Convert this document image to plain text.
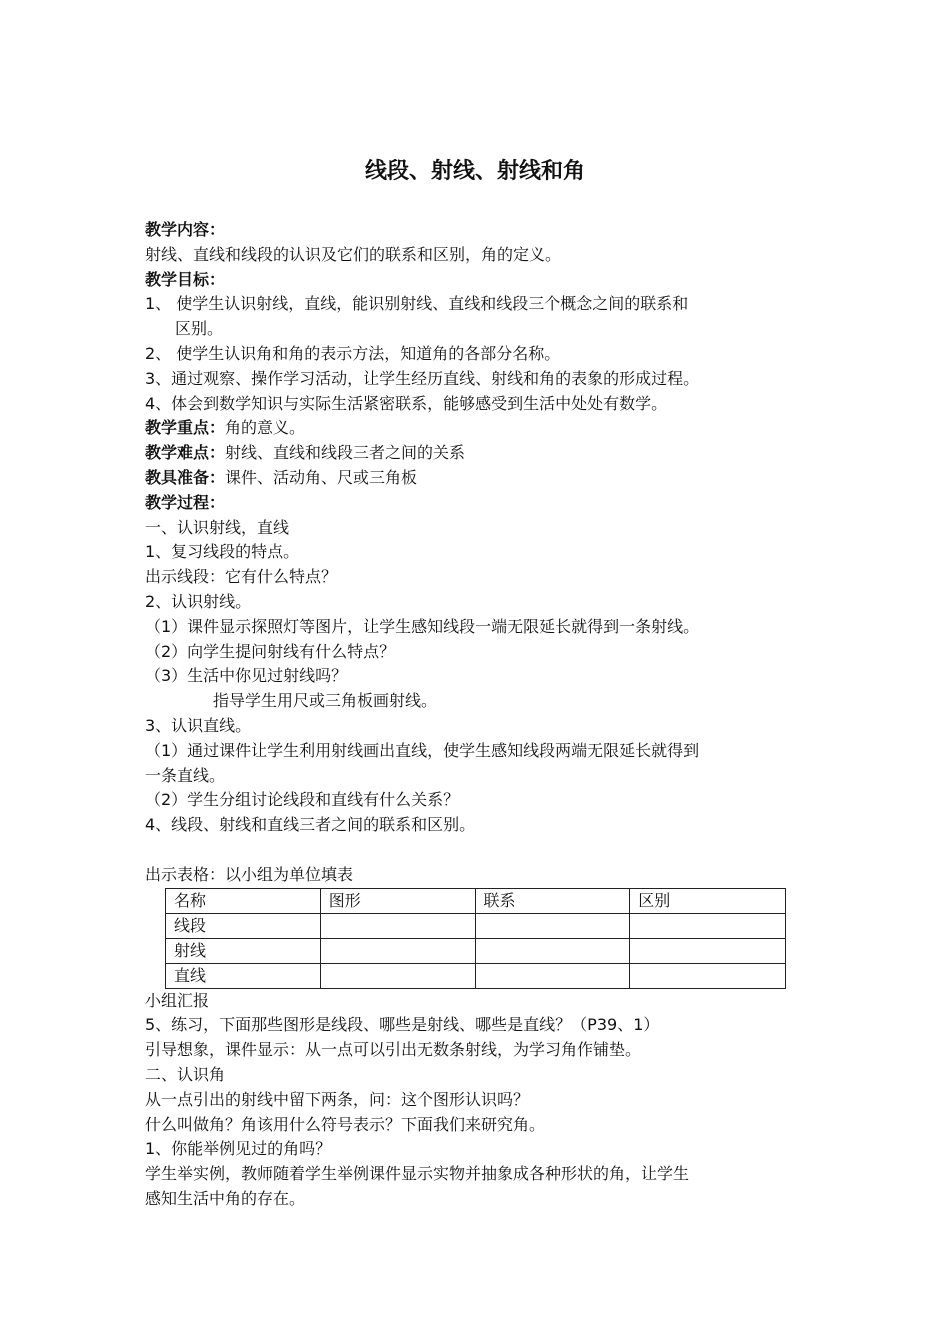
线段、射线、射线和角
教学内容：
射线、直线和线段的认识及它们的联系和区别，角的定义。
教学目标：
1、 使学生认识射线，直线，能识别射线、直线和线段三个概念之间的联系和
区别。
2、 使学生认识角和角的表示方法，知道角的各部分名称。
3、通过观察、操作学习活动，让学生经历直线、射线和角的表象的形成过程。
4、体会到数学知识与实际生活紧密联系，能够感受到生活中处处有数学。
教学重点：角的意义。
教学难点：射线、直线和线段三者之间的关系
教具准备：课件、活动角、尺或三角板
教学过程：
一、认识射线，直线
1、复习线段的特点。
出示线段：它有什么特点？
2、认识射线。
（1）课件显示探照灯等图片，让学生感知线段一端无限延长就得到一条射线。
（2）向学生提问射线有什么特点？
（3）生活中你见过射线吗？
指导学生用尺或三角板画射线。
3、认识直线。
（1）通过课件让学生利用射线画出直线，使学生感知线段两端无限延长就得到
一条直线。
（2）学生分组讨论线段和直线有什么关系？
4、线段、射线和直线三者之间的联系和区别。
出示表格：以小组为单位填表
名称	图形	联系	区别
线段			
射线			
直线			
小组汇报
5、练习，下面那些图形是线段、哪些是射线、哪些是直线？（P39、1）
引导想象，课件显示：从一点可以引出无数条射线，为学习角作铺垫。
二、认识角
从一点引出的射线中留下两条，问：这个图形认识吗？
什么叫做角？角该用什么符号表示？下面我们来研究角。
1、你能举例见过的角吗？
学生举实例，教师随着学生举例课件显示实物并抽象成各种形状的角，让学生
感知生活中角的存在。
